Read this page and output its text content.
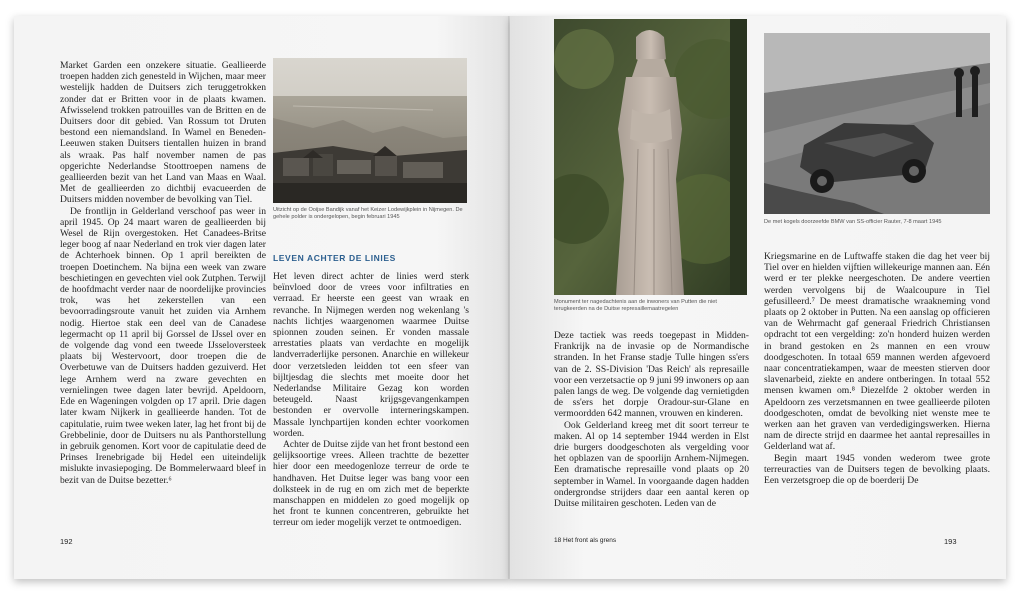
Market Garden een onzekere situatie. Geallieerde troepen hadden zich genesteld in Wijchen, maar meer westelijk hadden de Duitsers zich teruggetrokken zonder dat er Britten voor in de plaats kwamen. Afwisselend trokken patrouilles van de Britten en de Duitsers door dit gebied. Van Rossum tot Druten bestond een niemandsland. In Wamel en Beneden-Leeuwen staken Duitsers tientallen huizen in brand als wraak. Pas half november namen de pas opgerichte Nederlandse Stoottroepen namens de geallieerden bezit van het Land van Maas en Waal. Met de geallieerden zo dichtbij evacueerden de Duitsers midden november de bevolking van Tiel.

De frontlijn in Gelderland verschoof pas weer in april 1945. Op 24 maart waren de geallieerden bij Wesel de Rijn overgestoken. Het Canadees-Britse leger boog af naar Nederland en trok vier dagen later de Achterhoek binnen. Op 1 april bereikten de troepen Doetinchem. Na bijna een week van zware beschietingen en gevechten viel ook Zutphen. Terwijl de hoofdmacht verder naar de noordelijke provincies trok, was het zekerstellen van een bevoorradingsroute vanuit het zuiden via Arnhem nodig. Hiertoe stak een deel van de Canadese legermacht op 11 april bij Gorssel de IJssel over en de volgende dag vond een tweede IJsseloversteek plaats bij Westervoort, door troepen die de Overbetuwe van de Duitsers hadden gezuiverd. Het lege Arnhem werd na zware gevechten en vernielingen twee dagen later bevrijd. Apeldoorn, Ede en Wageningen volgden op 17 april. Drie dagen later kwam Nijkerk in geallieerde handen. Tot de capitulatie, ruim twee weken later, lag het front bij de Grebbelinie, door de Duitsers nu als Panthorstellung in gebruik genomen. Kort voor de capitulatie deed de Prinses Irenebrigade bij Hedel een uiteindelijk mislukte invasiepoging. De Bommelerwaard bleef in bezit van de Duitse bezetter.⁶

Uitzicht op de Ooijse Bandijk vanaf het Keizer Lodewijkplein in Nijmegen. De gehele polder is ondergelopen, begin februari 1945
LEVEN ACHTER DE LINIES

Het leven direct achter de linies werd sterk beïnvloed door de vrees voor infiltraties en verraad. Er heerste een geest van wraak en revanche. In Nijmegen werden nog wekenlang 's nachts lichtjes waargenomen waarmee Duitse spionnen zouden seinen. Er vonden massale arrestaties plaats van verdachte en mogelijk landverraderlijke personen. Anarchie en willekeur door verzetsleden leidden tot een sfeer van bijltjesdag die slechts met moeite door het Nederlandse Militaire Gezag kon worden beteugeld. Naast krijgsgevangenkampen bestonden er overvolle interneringskampen. Massale lynchpartijen konden echter voorkomen worden.

Achter de Duitse zijde van het front bestond een gelijksoortige vrees. Alleen trachtte de bezetter hier door een meedogenloze terreur de orde te handhaven. Het Duitse leger was bang voor een dolksteek in de rug en om zich met de beperkte manschappen en middelen zo goed mogelijk op het front te kunnen concentreren, gebruikte het terreur om ieder mogelijk verzet te ontmoedigen.

192
Monument ter nagedachtenis aan de inwoners van Putten die niet terugkeerden na de Duitse represaillemaatregelen
De met kogels doorzeefde BMW van SS-officier Rauter, 7-8 maart 1945

Deze tactiek was reeds toegepast in Midden-Frankrijk na de invasie op de Normandische stranden. In het Franse stadje Tulle hingen ss'ers van de 2. SS-Division 'Das Reich' als represaille voor een verzetsactie op 9 juni 99 inwoners op aan palen langs de weg. De volgende dag vernietigden de ss'ers het dorpje Oradour-sur-Glane en vermoordden 642 mannen, vrouwen en kinderen.

Ook Gelderland kreeg met dit soort terreur te maken. Al op 14 september 1944 werden in Elst drie burgers doodgeschoten als vergelding voor het opblazen van de spoorlijn Arnhem-Nijmegen. Een dramatische represaille vond plaats op 20 september in Wamel. In voorgaande dagen hadden ondergrondse strijders daar een aantal keren op Duitse militairen geschoten. Leden van de

Kriegsmarine en de Luftwaffe staken die dag het veer bij Tiel over en hielden vijftien willekeurige mannen aan. Eén werd er ter plekke neergeschoten. De andere veertien werden vervolgens bij de Waalcoupure in Tiel gefusilleerd.⁷ De meest dramatische wraakneming vond plaats op 2 oktober in Putten. Na een aanslag op officieren van de Wehrmacht gaf generaal Friedrich Christiansen opdracht tot een vergelding: zo'n honderd huizen werden in brand gestoken en 2s mannen en een vrouw doodgeschoten. In totaal 659 mannen werden afgevoerd naar concentratiekampen, waar de meesten stierven door slavenarbeid, ziekte en andere ontberingen. In totaal 552 mensen kwamen om.⁸ Diezelfde 2 oktober werden in Apeldoorn zes verzetsmannen en twee geallieerde piloten doodgeschoten, omdat de bevolking niet wenste mee te werken aan het graven van verdedigingswerken. Hierna nam de directe strijd en daarmee het aantal represailles in Gelderland wat af.

Begin maart 1945 vonden wederom twee grote terreuracties van de Duitsers tegen de bevolking plaats. Een verzetsgroep die op de boerderij De

18 Het front als grens	193
